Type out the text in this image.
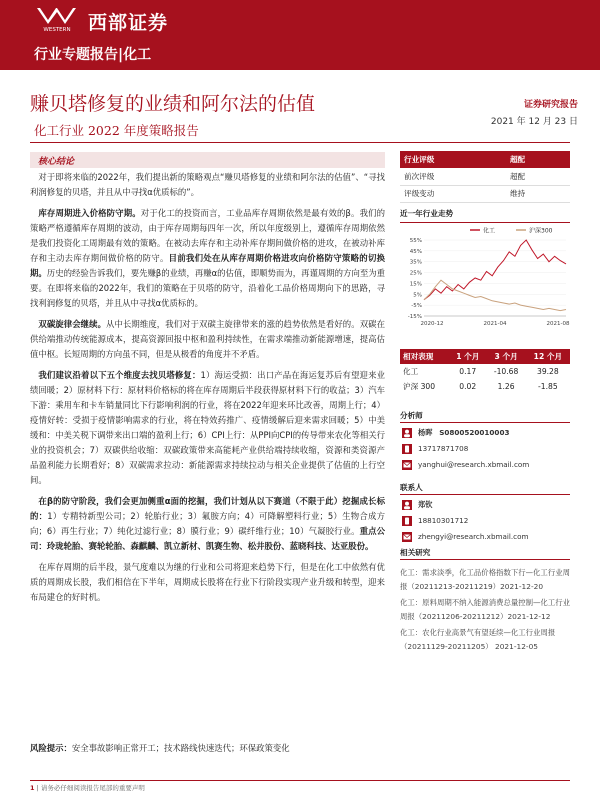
WESTERN 西部证券
行业专题报告|化工
赚贝塔修复的业绩和阿尔法的估值
化工行业 2022 年度策略报告
证券研究报告
2021 年 12 月 23 日
核心结论

对于即将来临的2022年，我们提出新的策略观点“赚贝塔修复的业绩和阿尔法的估值”、“寻找利润修复的贝塔，并且从中寻找α优质标的”。

库存周期进入价格防守期。对于化工的投资而言，工业品库存周期依然是最有效的β。我们的策略严格遵循库存周期的波动，由于库存周期每四年一次，所以年度级别上，遵循库存周期依然是我们投资化工周期最有效的策略。在被动去库存和主动补库存期间做价格的进攻，在被动补库存和主动去库存期间做价格的防守。目前我们处在从库存周期价格进攻向价格防守策略的切换期。历史的经验告诉我们，要先赚β的业绩，再赚α的估值，即顺势而为，再谨周期的方向至为重要。在即将来临的2022年，我们的策略在于贝塔的防守，沿着化工品价格周期向下的思路，寻找利润修复的贝塔，并且从中寻找α优质标的。

双碳旋律会继续。从中长期维度，我们对于双碳主旋律带来的涨的趋势依然是看好的。双碳在供给端推动传统能源成本，提高资源回报中枢和盈利持续性，在需求端推动新能源增速，提高估值中枢。长短周期的方向虽不同，但是从极看的角度并不矛盾。

我们建议沿着以下五个维度去找贝塔修复：1）海运受损：出口产品在海运复苏后有望迎来业绩回暖；2）原材料下行：原材料价格标的将在库存周期后半段获得原材料下行的收益；3）汽车下游：乘用车和卡车销量同比下行影响利润的行业，将在2022年迎来环比改善，周期上行；4）疫情好转：受损于疫情影响需求的行业，将在特效药推广、疫情缓解后迎来需求回暖；5）中美缓和：中美关税下调带来出口端的盈利上行；6）CPI上行：从PPI向CPI的传导带来农化等相关行业的投资机会；7）双碳供给收缩：双碳政策带来高能耗产业供给端持续收缩，资源和类资源产品盈利能力长期看好；8）双碳需求拉动：新能源需求持续拉动与相关企业提供了估值的上行空间。

在β的防守阶段，我们会更加侧重α面的挖掘，我们计划从以下赛道（不限于此）挖掘成长标的：1）专精特新型公司；2）轮胎行业；3）氟胺方向；4）可降解塑料行业；5）生物合成方向；6）再生行业；7）纯化过滤行业；8）膜行业；9）碳纤维行业；10）气凝胶行业。重点公司：玲珑轮胎、赛轮轮胎、森麒麟、凯立新材、凯赛生物、松井股份、蓝晓科技、达亚股份。

在库存周期的后半段，景气度难以为继的行业和公司将迎来趋势下行，但是在化工中依然有优质的周期成长股，我们相信在下半年，周期成长股将在行业下行阶段实现产业升级和转型，迎来布局建仓的好时机。

风险提示：安全事故影响正常开工；技术路线快速迭代；环保政策变化
行业评级	超配
前次评级	超配
评级变动	维持
近一年行业走势
化工	沪深300
55%
45%
35%
25%
15%
5%
-5%
-15%
2020-12	2021-04	2021-08
相对表现	1 个月	3 个月	12 个月
化工	0.17	-10.68	39.28
沪深 300	0.02	1.26	-1.85
分析师
杨晖 S0800520010003
13717871708
yanghui@research.xbmail.com
联系人
郑钦
18810301712
zhengyi@research.xbmail.com
相关研究
化工：需求淡季，化工品价格指数下行—化工行业周报（20211213-20211219）2021-12-20
化工：原料周期不纳入能源消费总量控制—化工行业周报（20211206-20211212）2021-12-12
化工：农化行业高景气有望延续—化工行业周报（20211129-20211205） 2021-12-05
1 | 请务必仔细阅读报告尾部的重要声明
